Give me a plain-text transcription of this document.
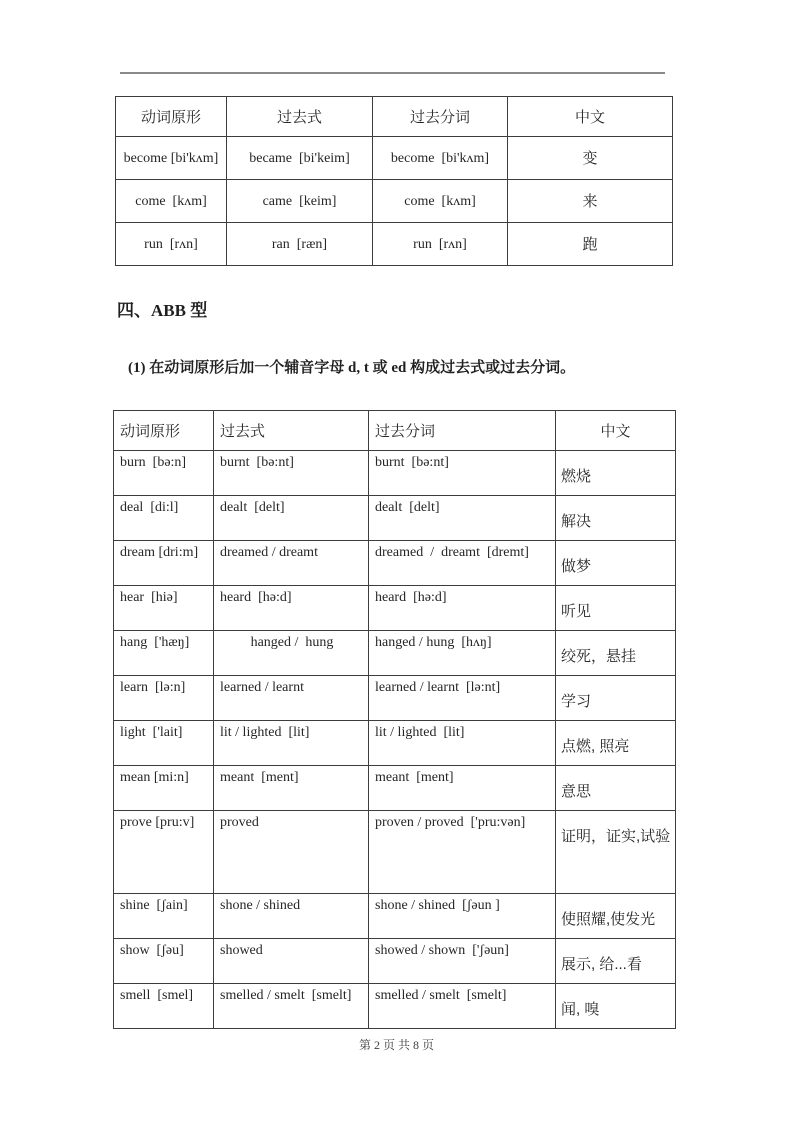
动词原形	过去式	过去分词	中文
become [bi'kʌm]	became  [bi'keim]	become  [bi'kʌm]	变
come  [kʌm]	came  [keim]	come  [kʌm]	来
run  [rʌn]	ran  [ræn]	run  [rʌn]	跑
四、ABB 型
(1) 在动词原形后加一个辅音字母 d, t 或 ed 构成过去式或过去分词。
动词原形	过去式	过去分词	中文
burn  [bə:n]	burnt  [bə:nt]	burnt  [bə:nt]	燃烧
deal  [di:l]	dealt  [delt]	dealt  [delt]	解决
dream [dri:m]	dreamed / dreamt	dreamed  /  dreamt  [dremt]	做梦
hear  [hiə]	heard  [hə:d]	heard  [hə:d]	听见
hang  ['hæŋ]	hanged /  hung	hanged / hung  [hʌŋ]	绞死，悬挂
learn  [lə:n]	learned / learnt	learned / learnt  [lə:nt]	学习
light  ['lait]	lit / lighted  [lit]	lit / lighted  [lit]	点燃, 照亮
mean [mi:n]	meant  [ment]	meant  [ment]	意思
prove [pru:v]	proved	proven / proved  ['pru:vən]	证明，证实,试验
shine  [ʃain]	shone / shined	shone / shined  [ʃəun ]	使照耀,使发光
show  [ʃəu]	showed	showed / shown  ['ʃəun]	展示, 给...看
smell  [smel]	smelled / smelt  [smelt]	smelled / smelt  [smelt]	闻, 嗅
第 2 页 共 8 页
